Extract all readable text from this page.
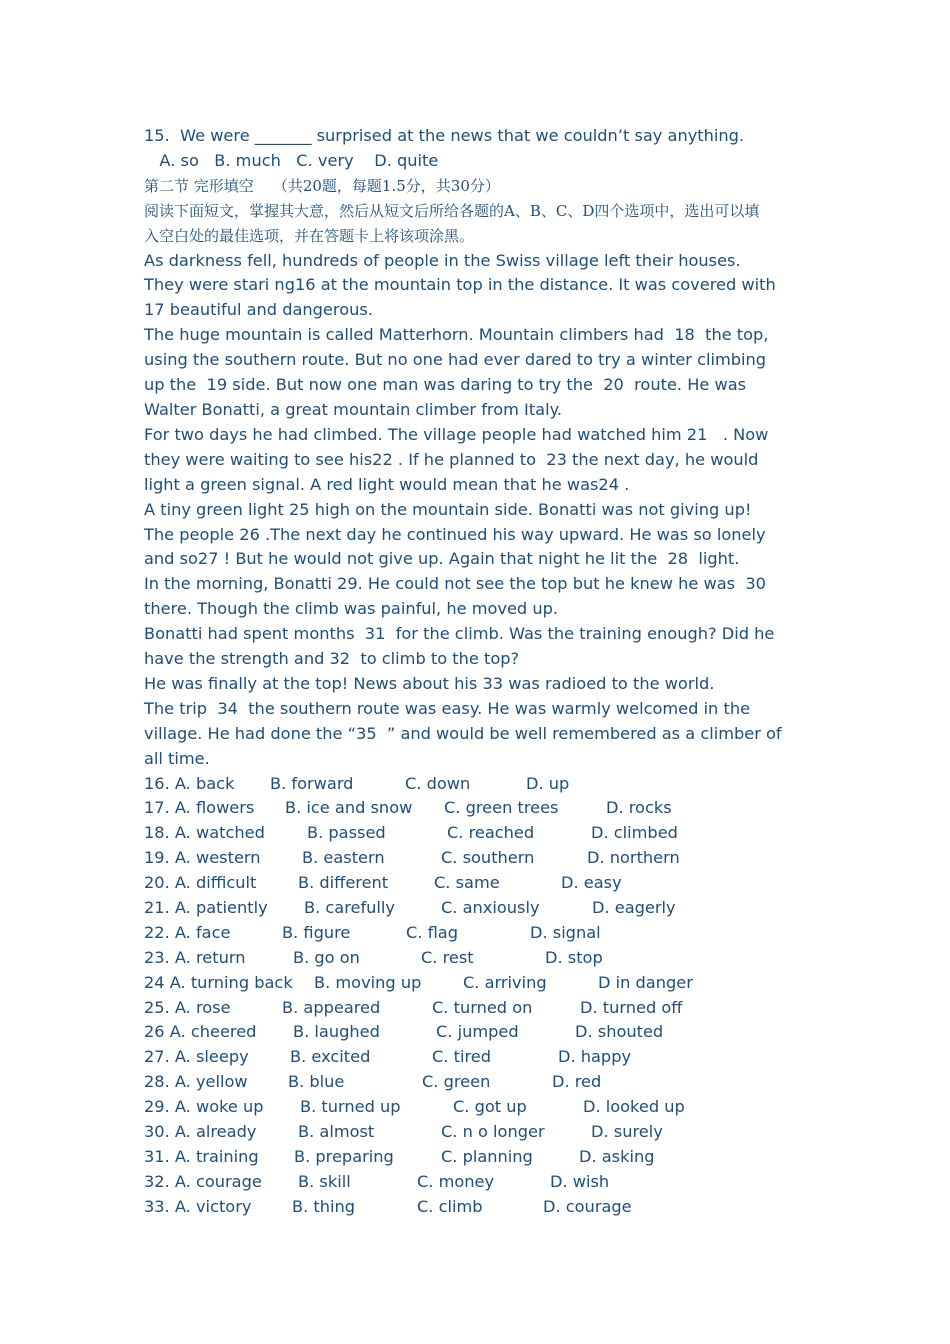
15.  We were _______ surprised at the news that we couldn’t say anything.
A. so   B. much   C. very    D. quite
第二节 完形填空    （共20题，每题1.5分，共30分）
阅读下面短文，掌握其大意，然后从短文后所给各题的A、B、C、D四个选项中，选出可以填
入空白处的最佳选项，并在答题卡上将该项涂黑。
As darkness fell, hundreds of people in the Swiss village left their houses.
They were stari ng16 at the mountain top in the distance. It was covered with
17 beautiful and dangerous.
The huge mountain is called Matterhorn. Mountain climbers had  18  the top,
using the southern route. But no one had ever dared to try a winter climbing
up the  19 side. But now one man was daring to try the  20  route. He was
Walter Bonatti, a great mountain climber from Italy.
For two days he had climbed. The village people had watched him 21   . Now
they were waiting to see his22 . If he planned to  23 the next day, he would
light a green signal. A red light would mean that he was24 .
A tiny green light 25 high on the mountain side. Bonatti was not giving up!
The people 26 .The next day he continued his way upward. He was so lonely
and so27 ! But he would not give up. Again that night he lit the  28  light.
In the morning, Bonatti 29. He could not see the top but he knew he was  30
there. Though the climb was painful, he moved up.
Bonatti had spent months  31  for the climb. Was the training enough? Did he
have the strength and 32  to climb to the top?
He was finally at the top! News about his 33 was radioed to the world.
The trip  34  the southern route was easy. He was warmly welcomed in the
village. He had done the “35  ” and would be well remembered as a climber of
all time.
16. A. back B. forward	C. down	D. up
17. A. flowers B. ice and snow C. green trees	D. rocks
18. A. watched	B. passed	C. reached	D. climbed
19. A. western	B. eastern	C. southern	D. northern
20. A. difficult	B. different	C. same	D. easy
21. A. patiently B. carefully	C. anxiously	D. eagerly
22. A. face	B. figure	C. flag	D. signal
23. A. return	B. go on	C. rest	D. stop
24 A. turning back B. moving up	C. arriving	D in danger
25. A. rose	B. appeared	C. turned on	D. turned off
26 A. cheered B. laughed	C. jumped	D. shouted
27. A. sleepy	B. excited	C. tired	D. happy
28. A. yellow B. blue	C. green	D. red
29. A. woke up B. turned up	C. got up	D. looked up
30. A. already	B. almost	C. n o longer	D. surely
31. A. training B. preparing	C. planning	D. asking
32. A. courage B. skill	C. money	D. wish
33. A. victory	B. thing	C. climb	D. courage
